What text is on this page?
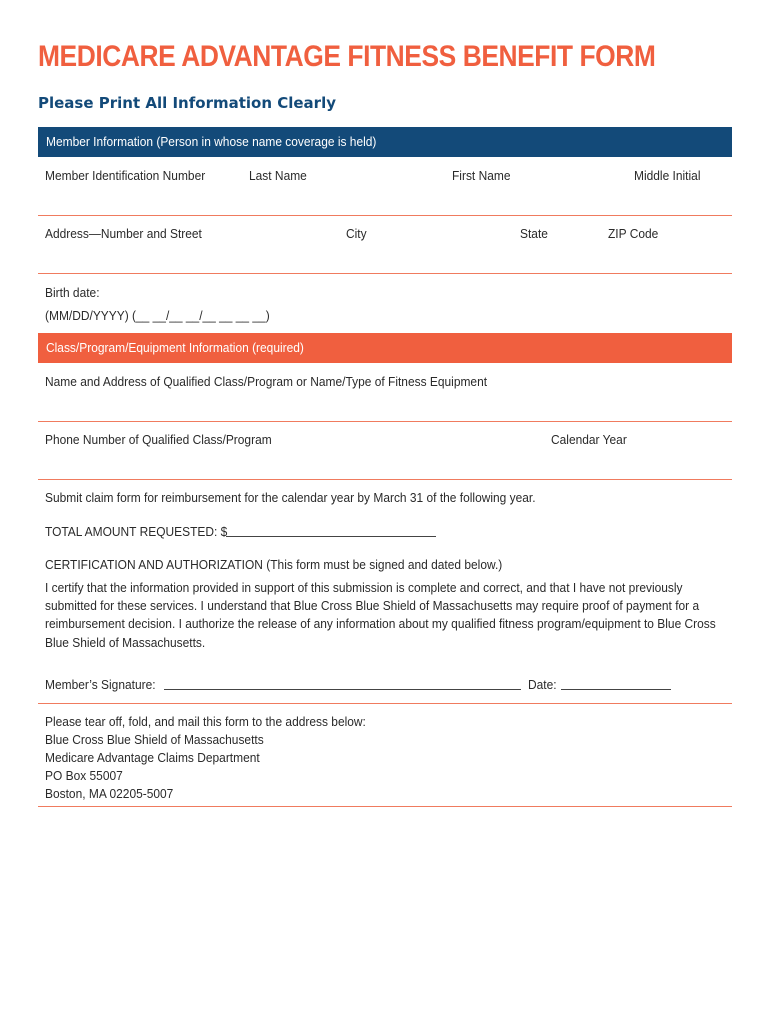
MEDICARE ADVANTAGE FITNESS BENEFIT FORM
Please Print All Information Clearly
Member Information (Person in whose name coverage is held)
Member Identification Number	Last Name	First Name	Middle Initial
Address—Number and Street	City	State	ZIP Code
Birth date:
(MM/DD/YYYY) (__ __/__ __/__ __ __ __)
Class/Program/Equipment Information (required)
Name and Address of Qualified Class/Program or Name/Type of Fitness Equipment
Phone Number of Qualified Class/Program	Calendar Year
Submit claim form for reimbursement for the calendar year by March 31 of the following year.
TOTAL AMOUNT REQUESTED: $
CERTIFICATION AND AUTHORIZATION (This form must be signed and dated below.)
I certify that the information provided in support of this submission is complete and correct, and that I have not previously submitted for these services. I understand that Blue Cross Blue Shield of Massachusetts may require proof of payment for a reimbursement decision. I authorize the release of any information about my qualified fitness program/equipment to Blue Cross Blue Shield of Massachusetts.
Member’s Signature:	Date:
Please tear off, fold, and mail this form to the address below:
Blue Cross Blue Shield of Massachusetts
Medicare Advantage Claims Department
PO Box 55007
Boston, MA 02205-5007
